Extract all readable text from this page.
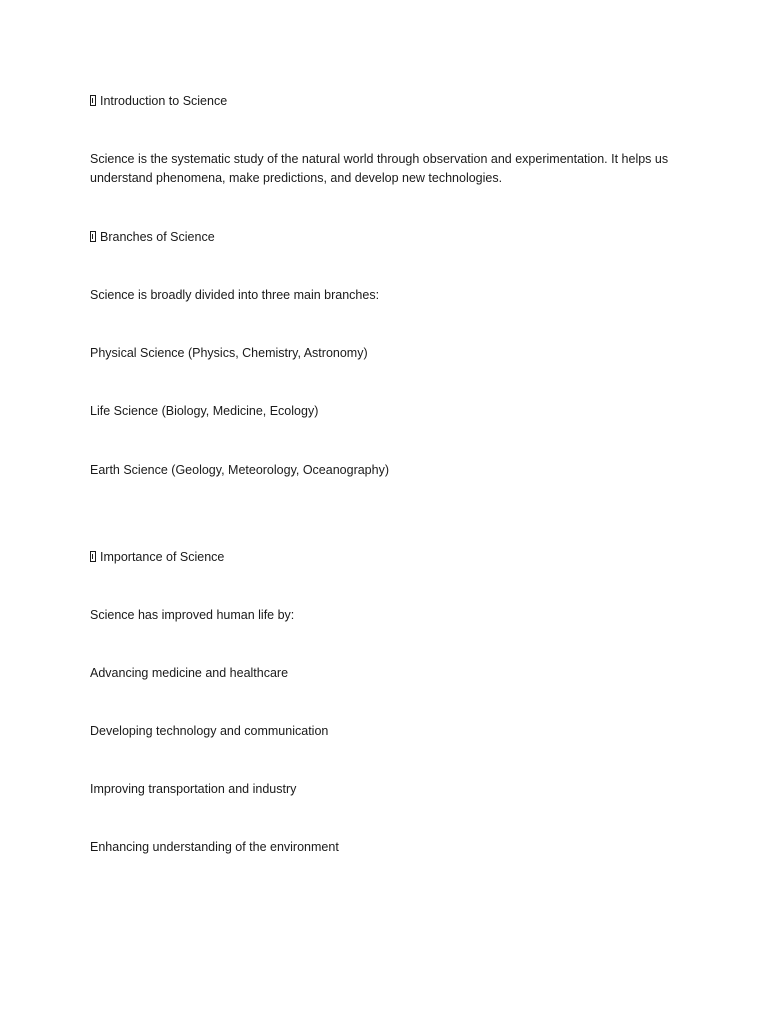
Introduction to Science
Science is the systematic study of the natural world through observation and experimentation. It helps us understand phenomena, make predictions, and develop new technologies.
Branches of Science
Science is broadly divided into three main branches:
Physical Science (Physics, Chemistry, Astronomy)
Life Science (Biology, Medicine, Ecology)
Earth Science (Geology, Meteorology, Oceanography)
Importance of Science
Science has improved human life by:
Advancing medicine and healthcare
Developing technology and communication
Improving transportation and industry
Enhancing understanding of the environment
